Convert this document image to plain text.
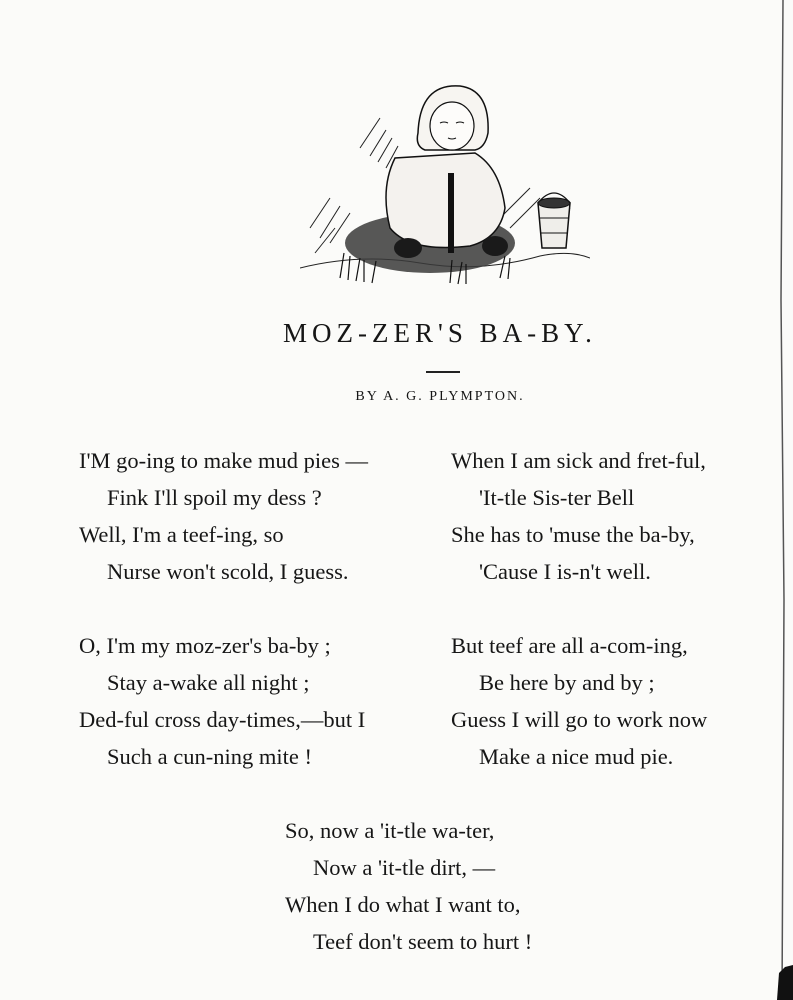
MOZ-ZER'S BA-BY.
BY A. G. PLYMPTON.
I'M go-ing to make mud pies —
Fink I'll spoil my dess ?
Well, I'm a teef-ing, so
Nurse won't scold, I guess.
O, I'm my moz-zer's ba-by ;
Stay a-wake all night ;
Ded-ful cross day-times,—but I
Such a cun-ning mite !
When I am sick and fret-ful,
'It-tle Sis-ter Bell
She has to 'muse the ba-by,
'Cause I is-n't well.
But teef are all a-com-ing,
Be here by and by ;
Guess I will go to work now
Make a nice mud pie.
So, now a 'it-tle wa-ter,
Now a 'it-tle dirt, —
When I do what I want to,
Teef don't seem to hurt !
